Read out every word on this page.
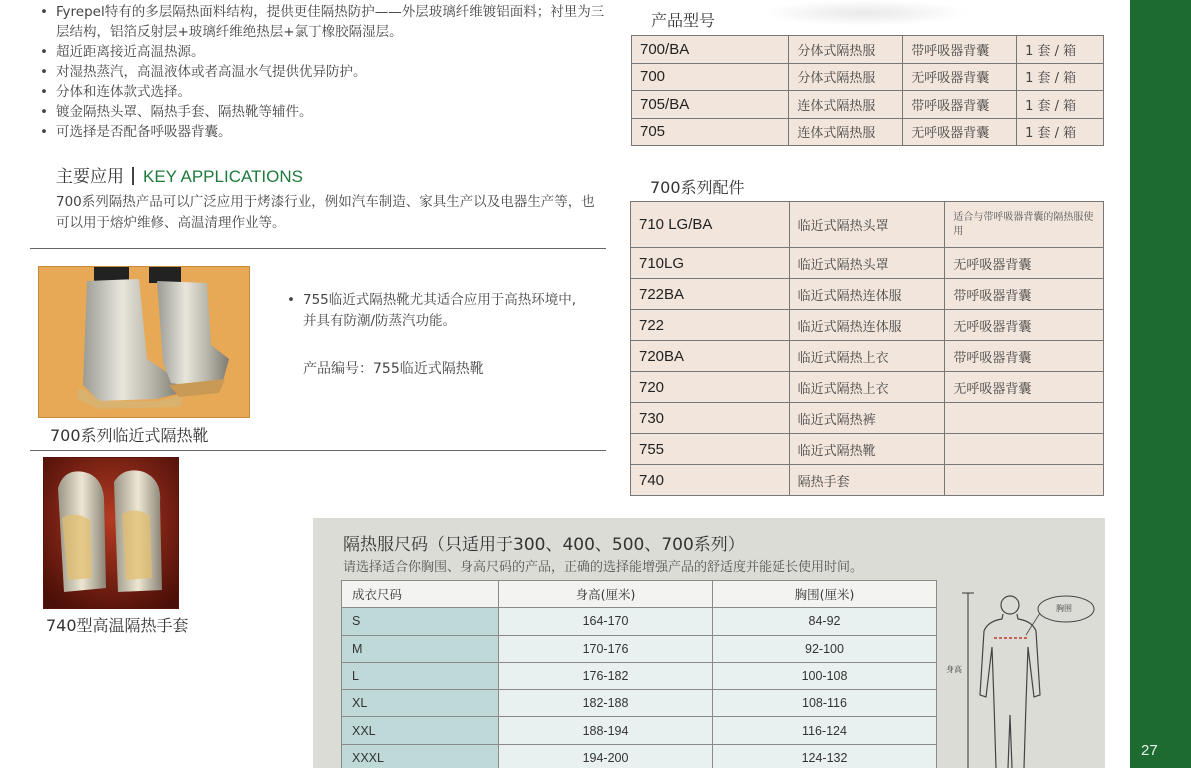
27
• Fyrepel特有的多层隔热面料结构，提供更佳隔热防护——外层玻璃纤维镀铝面料；衬里为三层结构，铝箔反射层+玻璃纤维绝热层+氯丁橡胶隔湿层。
• 超近距离接近高温热源。
• 对湿热蒸汽，高温液体或者高温水气提供优异防护。
• 分体和连体款式选择。
• 镀金隔热头罩、隔热手套、隔热靴等辅件。
• 可选择是否配备呼吸器背囊。
主要应用 KEY APPLICATIONS
700系列隔热产品可以广泛应用于烤漆行业，例如汽车制造、家具生产以及电器生产等，也可以用于熔炉维修、高温清理作业等。
700系列临近式隔热靴
• 755临近式隔热靴尤其适合应用于高热环境中,并具有防潮/防蒸汽功能。
产品编号：755临近式隔热靴
740型高温隔热手套
产品型号
700/BA	分体式隔热服	带呼吸器背囊	1 套 / 箱
700	分体式隔热服	无呼吸器背囊	1 套 / 箱
705/BA	连体式隔热服	带呼吸器背囊	1 套 / 箱
705	连体式隔热服	无呼吸器背囊	1 套 / 箱
700系列配件
710 LG/BA	临近式隔热头罩	适合与带呼吸器背囊的隔热服使用
710LG	临近式隔热头罩	无呼吸器背囊
722BA	临近式隔热连体服	带呼吸器背囊
722	临近式隔热连体服	无呼吸器背囊
720BA	临近式隔热上衣	带呼吸器背囊
720	临近式隔热上衣	无呼吸器背囊
730	临近式隔热裤	
755	临近式隔热靴	
740	隔热手套	
隔热服尺码（只适用于300、400、500、700系列）
请选择适合你胸围、身高尺码的产品，正确的选择能增强产品的舒适度并能延长使用时间。
成衣尺码	身高(厘米)	胸围(厘米)
S	164-170	84-92
M	170-176	92-100
L	176-182	100-108
XL	182-188	108-116
XXL	188-194	116-124
XXXL	194-200	124-132
身高
胸围
